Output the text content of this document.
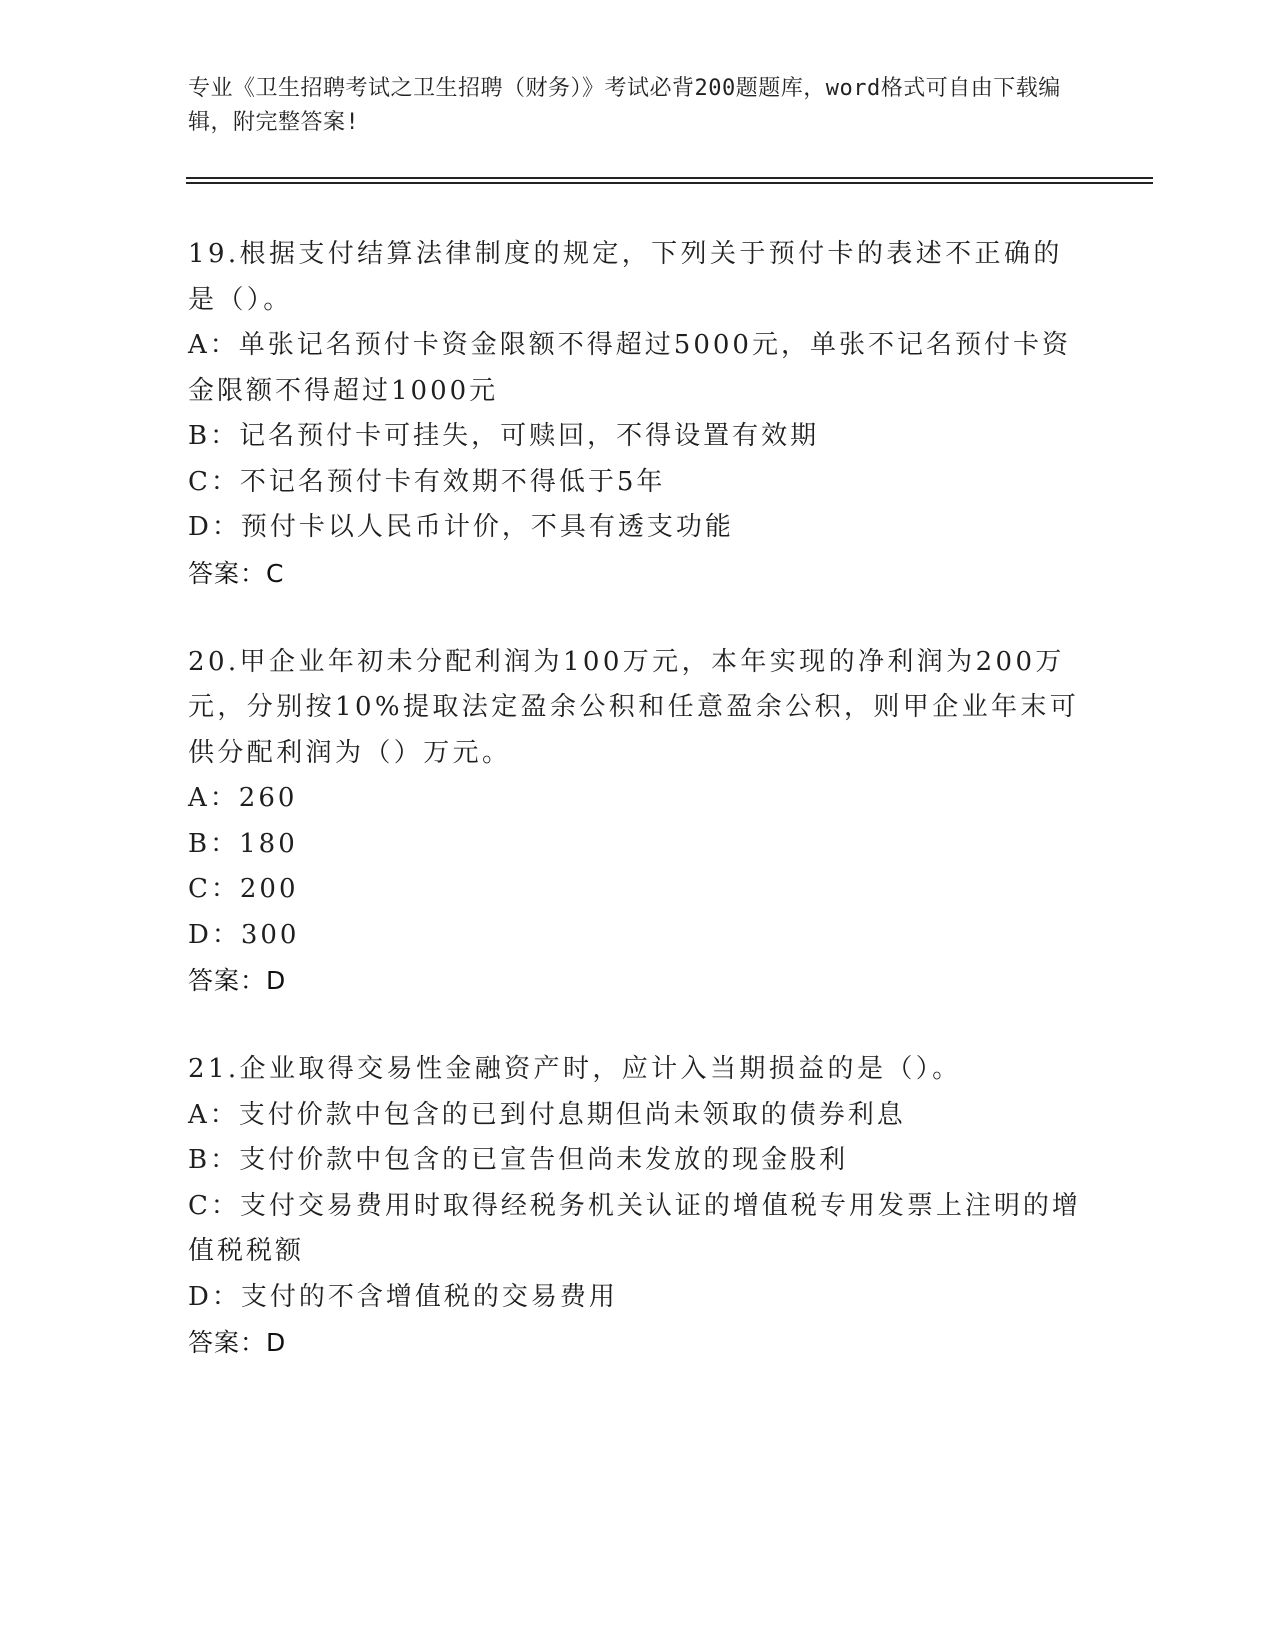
专业《卫生招聘考试之卫生招聘（财务）》考试必背200题题库，word格式可自由下载编辑，附完整答案!
19.根据支付结算法律制度的规定，下列关于预付卡的表述不正确的是（）。
A：单张记名预付卡资金限额不得超过5000元，单张不记名预付卡资金限额不得超过1000元
B：记名预付卡可挂失，可赎回，不得设置有效期
C：不记名预付卡有效期不得低于5年
D：预付卡以人民币计价，不具有透支功能
答案：C
20.甲企业年初未分配利润为100万元，本年实现的净利润为200万元，分别按10%提取法定盈余公积和任意盈余公积，则甲企业年末可供分配利润为（）万元。
A：260
B：180
C：200
D：300
答案：D
21.企业取得交易性金融资产时，应计入当期损益的是（）。
A：支付价款中包含的已到付息期但尚未领取的债券利息
B：支付价款中包含的已宣告但尚未发放的现金股利
C：支付交易费用时取得经税务机关认证的增值税专用发票上注明的增值税税额
D：支付的不含增值税的交易费用
答案：D
